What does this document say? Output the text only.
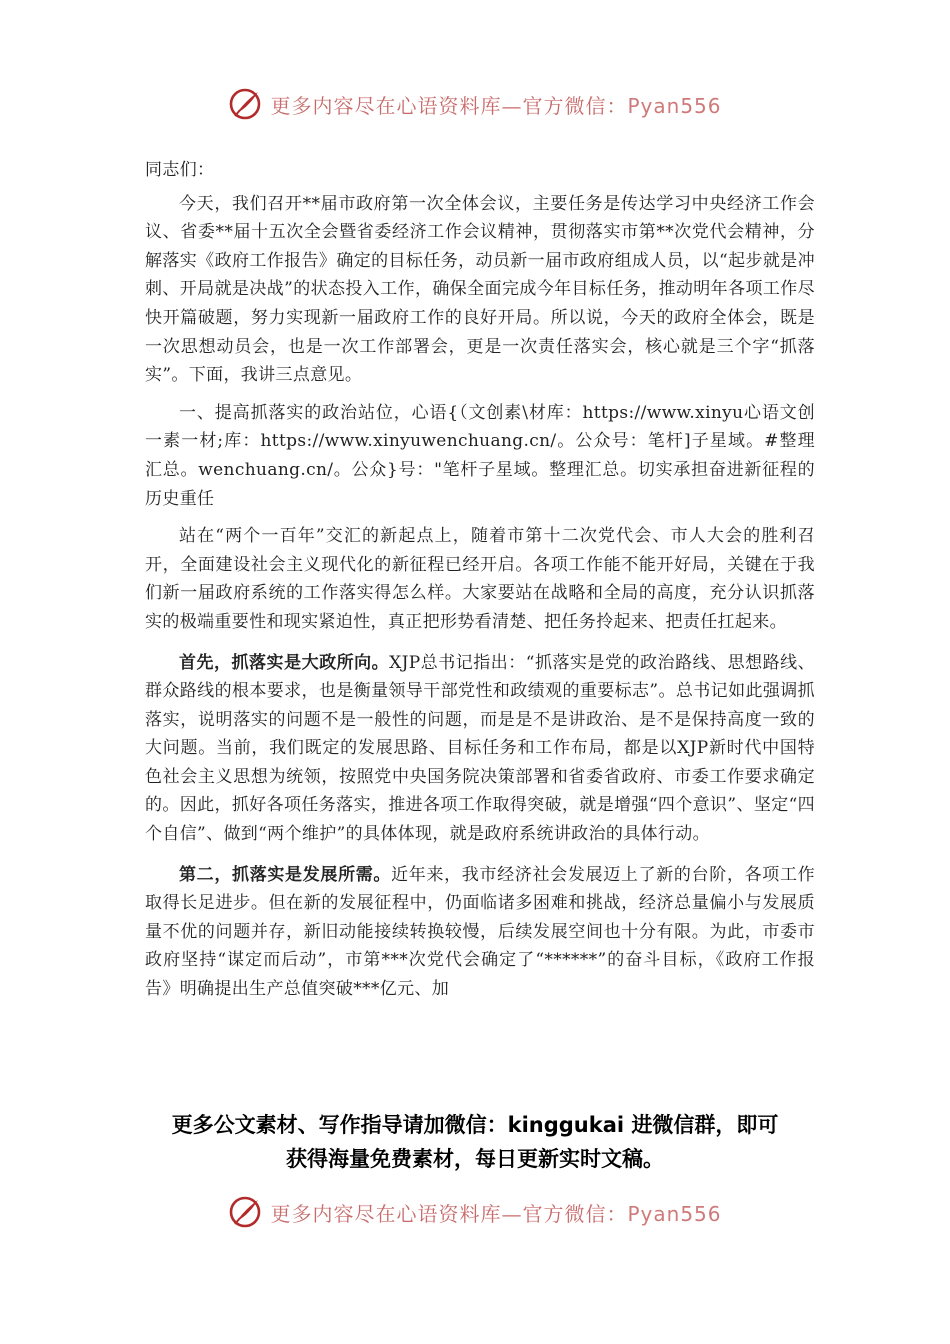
更多内容尽在心语资料库—官方微信：Pyan556

同志们：

今天，我们召开**届市政府第一次全体会议，主要任务是传达学习中央经济工作会议、省委**届十五次全会暨省委经济工作会议精神，贯彻落实市第**次党代会精神，分解落实《政府工作报告》确定的目标任务，动员新一届市政府组成人员，以“起步就是冲刺、开局就是决战”的状态投入工作，确保全面完成今年目标任务，推动明年各项工作尽快开篇破题，努力实现新一届政府工作的良好开局。所以说，今天的政府全体会，既是一次思想动员会，也是一次工作部署会，更是一次责任落实会，核心就是三个字“抓落实”。下面，我讲三点意见。

一、提高抓落实的政治站位，心语{（文创素\材库：https://www.xinyu心语文创一素一材;库：https://www.xinyuwenchuang.cn/。公众号：笔杆]子星域。#整理汇总。wenchuang.cn/。公众}号："笔杆子星域。整理汇总。切实承担奋进新征程的历史重任

站在“两个一百年”交汇的新起点上，随着市第十二次党代会、市人大会的胜利召开，全面建设社会主义现代化的新征程已经开启。各项工作能不能开好局，关键在于我们新一届政府系统的工作落实得怎么样。大家要站在战略和全局的高度，充分认识抓落实的极端重要性和现实紧迫性，真正把形势看清楚、把任务拎起来、把责任扛起来。

首先，抓落实是大政所向。XJP总书记指出：“抓落实是党的政治路线、思想路线、群众路线的根本要求，也是衡量领导干部党性和政绩观的重要标志”。总书记如此强调抓落实，说明落实的问题不是一般性的问题，而是是不是讲政治、是不是保持高度一致的大问题。当前，我们既定的发展思路、目标任务和工作布局，都是以XJP新时代中国特色社会主义思想为统领，按照党中央国务院决策部署和省委省政府、市委工作要求确定的。因此，抓好各项任务落实，推进各项工作取得突破，就是增强“四个意识”、坚定“四个自信”、做到“两个维护”的具体体现，就是政府系统讲政治的具体行动。

第二，抓落实是发展所需。近年来，我市经济社会发展迈上了新的台阶，各项工作取得长足进步。但在新的发展征程中，仍面临诸多困难和挑战，经济总量偏小与发展质量不优的问题并存，新旧动能接续转换较慢，后续发展空间也十分有限。为此，市委市政府坚持“谋定而后动”，市第***次党代会确定了“******”的奋斗目标，《政府工作报告》明确提出生产总值突破***亿元、加

更多公文素材、写作指导请加微信：kinggukai 进微信群，即可
获得海量免费素材，每日更新实时文稿。
更多内容尽在心语资料库—官方微信：Pyan556
